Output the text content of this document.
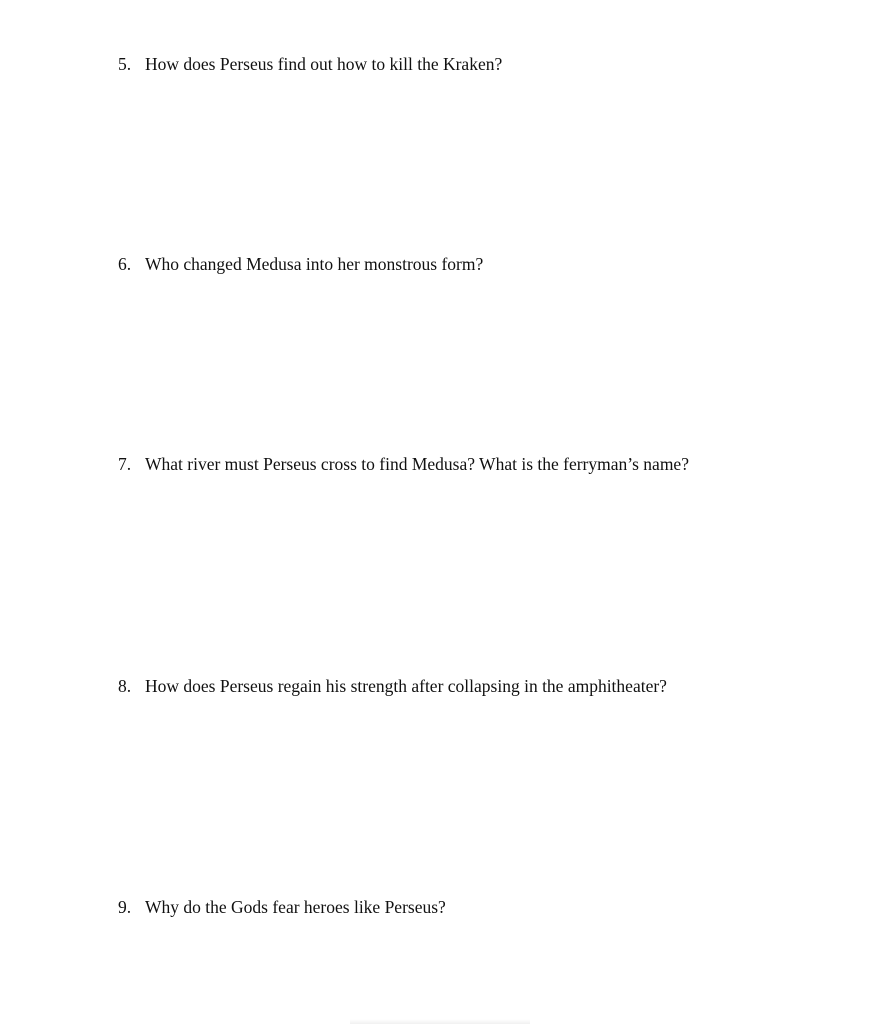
5. How does Perseus find out how to kill the Kraken?
6. Who changed Medusa into her monstrous form?
7. What river must Perseus cross to find Medusa? What is the ferryman’s name?
8. How does Perseus regain his strength after collapsing in the amphitheater?
9. Why do the Gods fear heroes like Perseus?
